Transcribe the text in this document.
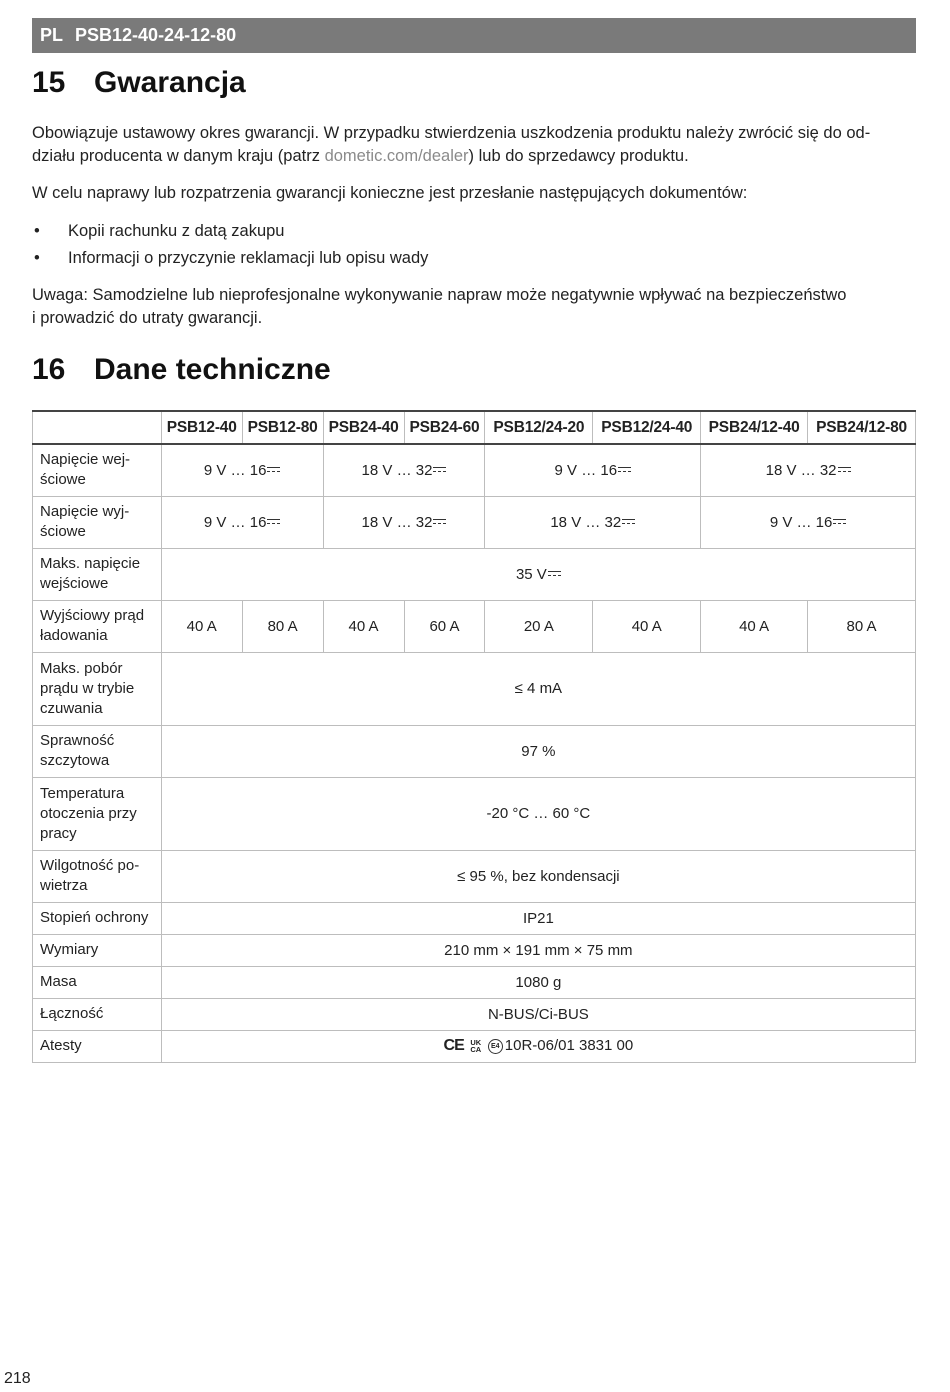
PL PSB12-40-24-12-80
15 Gwarancja

Obowiązuje ustawowy okres gwarancji. W przypadku stwierdzenia uszkodzenia produktu należy zwrócić się do od-
działu producenta w danym kraju (patrz dometic.com/dealer) lub do sprzedawcy produktu.

W celu naprawy lub rozpatrzenia gwarancji konieczne jest przesłanie następujących dokumentów:

• Kopii rachunku z datą zakupu
• Informacji o przyczynie reklamacji lub opisu wady

Uwaga: Samodzielne lub nieprofesjonalne wykonywanie napraw może negatywnie wpływać na bezpieczeństwo
i prowadzić do utraty gwarancji.

16 Dane techniczne
	PSB12-40	PSB12-80	PSB24-40	PSB24-60	PSB12/24-20	PSB12/24-40	PSB24/12-40	PSB24/12-80
Napięcie wej-
ściowe	9 V … 16		18 V … 32		9 V … 16		18 V … 32	
Napięcie wyj-
ściowe	9 V … 16		18 V … 32		18 V … 32		9 V … 16	
Maks. napięcie
wejściowe	35 V							
Wyjściowy prąd
ładowania	40 A	80 A	40 A	60 A	20 A	40 A	40 A	80 A
Maks. pobór
prądu w trybie
czuwania	≤ 4 mA							
Sprawność
szczytowa	97 %							
Temperatura
otoczenia przy
pracy	-20 °C … 60 °C							
Wilgotność po-
wietrza	≤ 95 %, bez kondensacji							
Stopień ochrony	IP21							
Wymiary	210 mm × 191 mm × 75 mm							
Masa	1080 g							
Łączność	N-BUS/Ci-BUS							
Atesty	CE UK
CA E4 10R-06/01 3831 00							
218
